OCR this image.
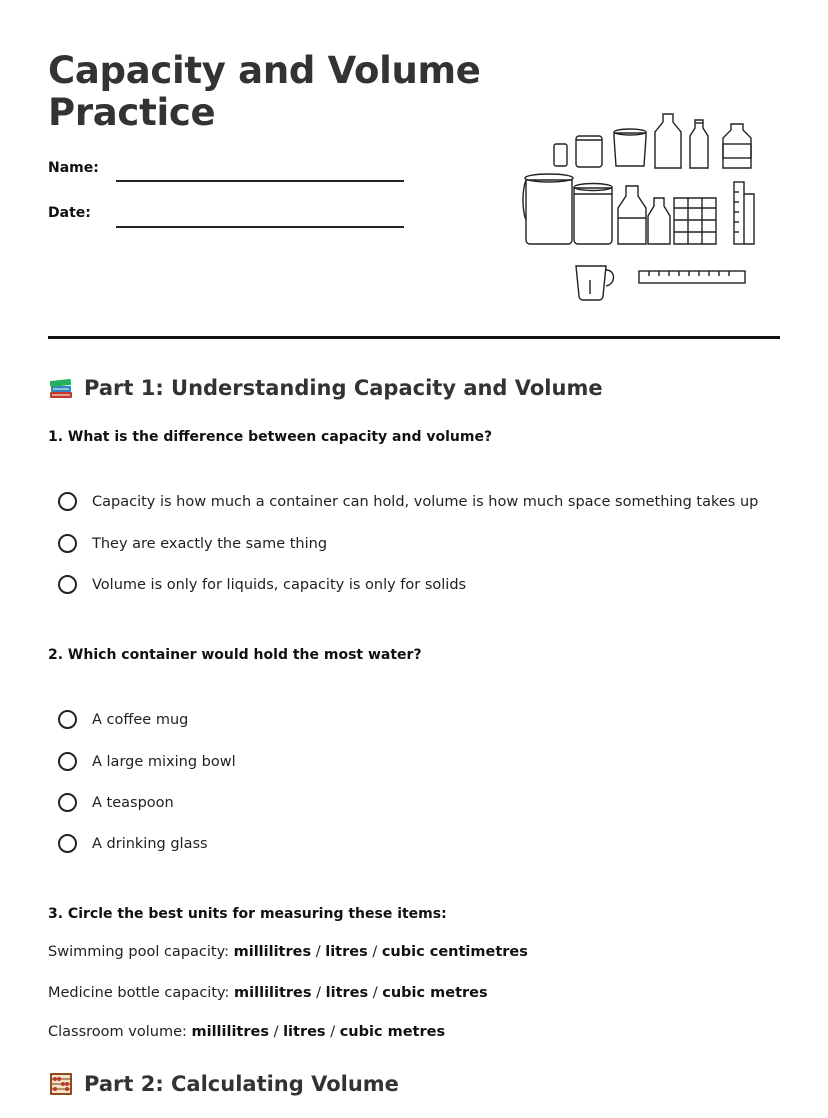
Capacity and Volume
Practice
Name:
Date:
Part 1: Understanding Capacity and Volume
1. What is the difference between capacity and volume?
Capacity is how much a container can hold, volume is how much space something takes up
They are exactly the same thing
Volume is only for liquids, capacity is only for solids
2. Which container would hold the most water?
A coffee mug
A large mixing bowl
A teaspoon
A drinking glass
3. Circle the best units for measuring these items:
Swimming pool capacity: millilitres / litres / cubic centimetres
Medicine bottle capacity: millilitres / litres / cubic metres
Classroom volume: millilitres / litres / cubic metres
Part 2: Calculating Volume
